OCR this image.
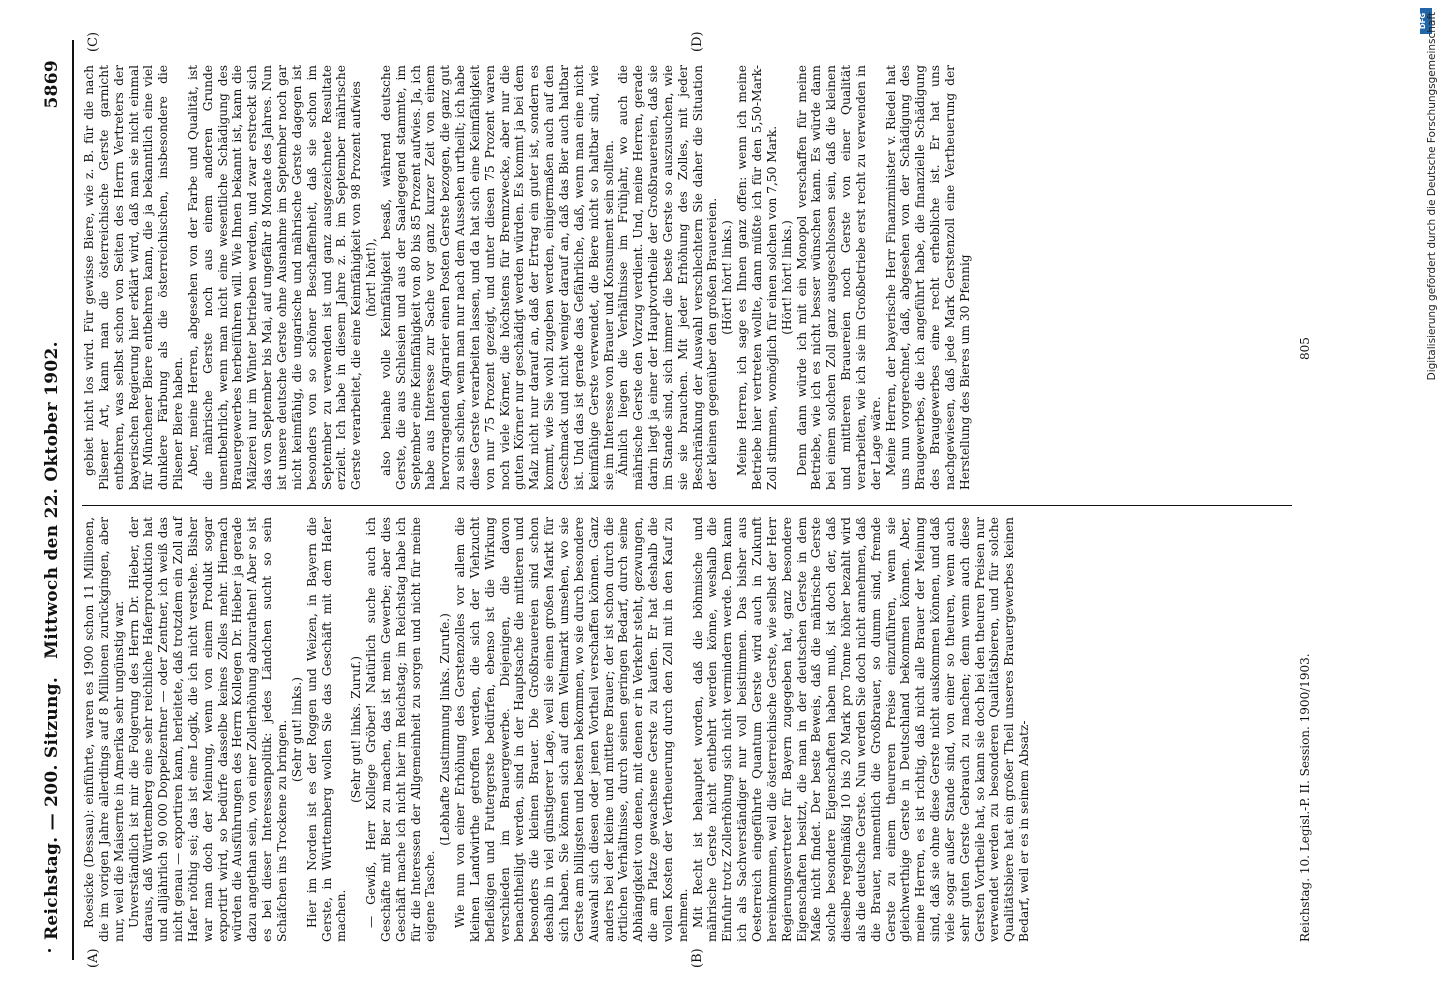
Reichstag. — 200. Sitzung.
Mittwoch den 22. Oktober 1902.
5869
(A)	(B)
(C)	(D)

Roesicke (Dessau): einführte, waren es 1900 schon 11 Millionen, die im vorigen Jahre allerdings auf 8 Millionen zurückgingen, aber nur, weil die Maisernte in Amerika sehr ungünstig war. Unverständlich ist mir die Folgerung des Herrn Dr. Hieber, der daraus, daß Württemberg eine sehr reichliche Haferproduktion hat und alljährlich 90 000 Doppelzentner — oder Zentner, ich weiß das nicht genau — exportiren kann, herleitete, daß trotzdem ein Zoll auf Hafer nöthig sei; das ist eine Logik, die ich nicht verstehe. Bisher war man doch der Meinung, wenn von einem Produkt sogar exportirt wird, so bedürfe dasselbe keines Zolles mehr. Hiernach würden die Ausführungen des Herrn Kollegen Dr. Hieber ja gerade dazu angethan sein, von einer Zollerhöhung abzurathen! Aber so ist es bei dieser Interessenpolitik: jedes Ländchen sucht so sein Schäfchen ins Trockene zu bringen. (Sehr gut! links.) Hier im Norden ist es der Roggen und Weizen, in Bayern die Gerste, in Württemberg wollen Sie das Geschäft mit dem Hafer machen.

(Sehr gut! links. Zuruf.) — Gewiß, Herr Kollege Gröber! Natürlich suche auch ich Geschäfte mit Bier zu machen, das ist mein Gewerbe; aber dies Geschäft mache ich nicht hier im Reichstag; im Reichstag habe ich für die Interessen der Allgemeinheit zu sorgen und nicht für meine eigene Tasche.

(Lebhafte Zustimmung links. Zurufe.) Wie nun von einer Erhöhung des Gerstenzolles vor allem die kleinen Landwirthe getroffen werden, die sich der Viehzucht befleißigen und Futtergerste bedürfen, ebenso ist die Wirkung verschieden im Brauergewerbe. Diejenigen, die davon benachtheiligt werden, sind in der Hauptsache die mittleren und besonders die kleinen Brauer. Die Großbrauereien sind schon deshalb in viel günstigerer Lage, weil sie einen großen Markt für sich haben. Sie können sich auf dem Weltmarkt umsehen, wo sie Gerste am billigsten und besten bekommen, wo sie durch besondere Auswahl sich diesen oder jenen Vortheil verschaffen können. Ganz anders bei der kleine und mittlere Brauer; der ist schon durch die örtlichen Verhältnisse, durch seinen geringen Bedarf, durch seine Abhängigkeit von denen, mit denen er in Verkehr steht, gezwungen, die am Platze gewachsene Gerste zu kaufen. Er hat deshalb die vollen Kosten der Vertheuerung durch den Zoll mit in den Kauf zu nehmen. Mit Recht ist behauptet worden, daß die böhmische und mährische Gerste nicht entbehrt werden könne, weshalb die Einfuhr trotz Zollerhöhung sich nicht vermindern werde. Dem kann ich als Sachverständiger nur voll beistimmen. Das bisher aus Oesterreich eingeführte Quantum Gerste wird auch in Zukunft hereinkommen, weil die österreichische Gerste, wie selbst der Herr Regierungsvertreter für Bayern zugegeben hat, ganz besondere Eigenschaften besitzt, die man in der deutschen Gerste in dem Maße nicht findet. Der beste Beweis, daß die mährische Gerste solche besondere Eigenschaften haben muß, ist doch der, daß dieselbe regelmäßig 10 bis 20 Mark pro Tonne höher bezahlt wird als die deutsche Gerste. Nun werden Sie doch nicht annehmen, daß die Brauer, namentlich die Großbrauer, so dumm sind, fremde Gerste zu einem theureren Preise einzuführen, wenn sie gleichwerthige Gerste in Deutschland bekommen können. Aber, meine Herren, es ist richtig, daß nicht alle Brauer der Meinung sind, daß sie ohne diese Gerste nicht auskommen können, und daß viele sogar außer Stande sind, von einer so theuren, wenn auch sehr guten Gerste Gebrauch zu machen; denn wenn auch diese Gersten Vortheile hat, so kann sie doch bei den theuren Preisen nur verwendet werden zu besonderen Qualitätsbieren, und für solche Qualitätsbiere hat ein großer Theil unseres Brauergewerbes keinen Bedarf, weil er es in seinem Absatz-

gebiet nicht los wird. Für gewisse Biere, wie z. B. für die nach Pilsener Art, kann man die österreichische Gerste garnicht entbehren, was selbst schon von Seiten des Herrn Vertreters der bayerischen Regierung hier erklärt wird, daß man sie nicht einmal für Münchener Biere entbehren kann, die ja bekanntlich eine viel dunklere Färbung als die österreichischen, insbesondere die Pilsener Biere haben. Aber, meine Herren, abgesehen von der Farbe und Qualität, ist die mährische Gerste noch aus einem anderen Grunde unentbehrlich, wenn man nicht eine wesentliche Schädigung des Brauergewerbes herbeiführen will. Wie Ihnen bekannt ist, kann die Mälzerei nur im Winter betrieben werden, und zwar erstreckt sich das von September bis Mai, auf ungefähr 8 Monate des Jahres. Nun ist unsere deutsche Gerste ohne Ausnahme im September noch gar nicht keimfähig, die ungarische und mährische Gerste dagegen ist besonders von so schöner Beschaffenheit, daß sie schon im September zu verwenden ist und ganz ausgezeichnete Resultate erzielt. Ich habe in diesem Jahre z. B. im September mährische Gerste verarbeitet, die eine Keimfähigkeit von 98 Prozent aufwies (hört! hört!), also beinahe volle Keimfähigkeit besaß, während deutsche Gerste, die aus Schlesien und aus der Saalegegend stammte, im September eine Keimfähigkeit von 80 bis 85 Prozent aufwies. Ja, ich habe aus Interesse zur Sache vor ganz kurzer Zeit von einem hervorragenden Agrarier einen Posten Gerste bezogen, die ganz gut zu sein schien, wenn man nur nach dem Aussehen urtheilt; ich habe diese Gerste verarbeiten lassen, und da hat sich eine Keimfähigkeit von nur 75 Prozent gezeigt, und unter diesen 75 Prozent waren noch viele Körner, die höchstens für Brennzwecke, aber nur die guten Körner nur geschädigt werden würden. Es kommt ja bei dem Malz nicht nur darauf an, daß der Ertrag ein guter ist, sondern es kommt, wie Sie wohl zugeben werden, einigermaßen auch auf den Geschmack und nicht weniger darauf an, daß das Bier auch haltbar ist. Und das ist gerade das Gefährliche, daß, wenn man eine nicht keimfähige Gerste verwendet, die Biere nicht so haltbar sind, wie sie im Interesse von Brauer und Konsument sein sollten. Ähnlich liegen die Verhältnisse im Frühjahr, wo auch die mährische Gerste den Vorzug verdient. Und, meine Herren, gerade darin liegt ja einer der Hauptvortheile der Großbrauereien, daß sie im Stande sind, sich immer die beste Gerste so auszusuchen, wie sie sie brauchen. Mit jeder Erhöhung des Zolles, mit jeder Beschränkung der Auswahl verschlechtern Sie daher die Situation der kleinen gegenüber den großen Brauereien. (Hört! hört! links.) Meine Herren, ich sage es Ihnen ganz offen: wenn ich meine Betriebe hier vertreten wollte, dann müßte ich für den 5,50-Mark-Zoll stimmen, womöglich für einen solchen von 7,50 Mark. (Hört! hört! links.) Denn dann würde ich mit ein Monopol verschaffen für meine Betriebe, wie ich es nicht besser wünschen kann. Es würde dann bei einem solchen Zoll ganz ausgeschlossen sein, daß die kleinen und mittleren Brauereien noch Gerste von einer Qualität verarbeiten, wie ich sie im Großbetriebe erst recht zu verwenden in der Lage wäre. Meine Herren, der bayerische Herr Finanzminister v. Riedel hat uns nun vorgerechnet, daß, abgesehen von der Schädigung des Braugewerbes, die ich angeführt habe, die finanzielle Schädigung des Braugewerbes eine recht erhebliche ist. Er hat uns nachgewiesen, daß jede Mark Gerstenzoll eine Vertheuerung der Herstellung des Bieres um 30 Pfennig

Reichstag. 10. Legisl.-P. II. Session. 1900/1903.
805
DFG
Digitalisierung gefördert durch die Deutsche Forschungsgemeinschaft
